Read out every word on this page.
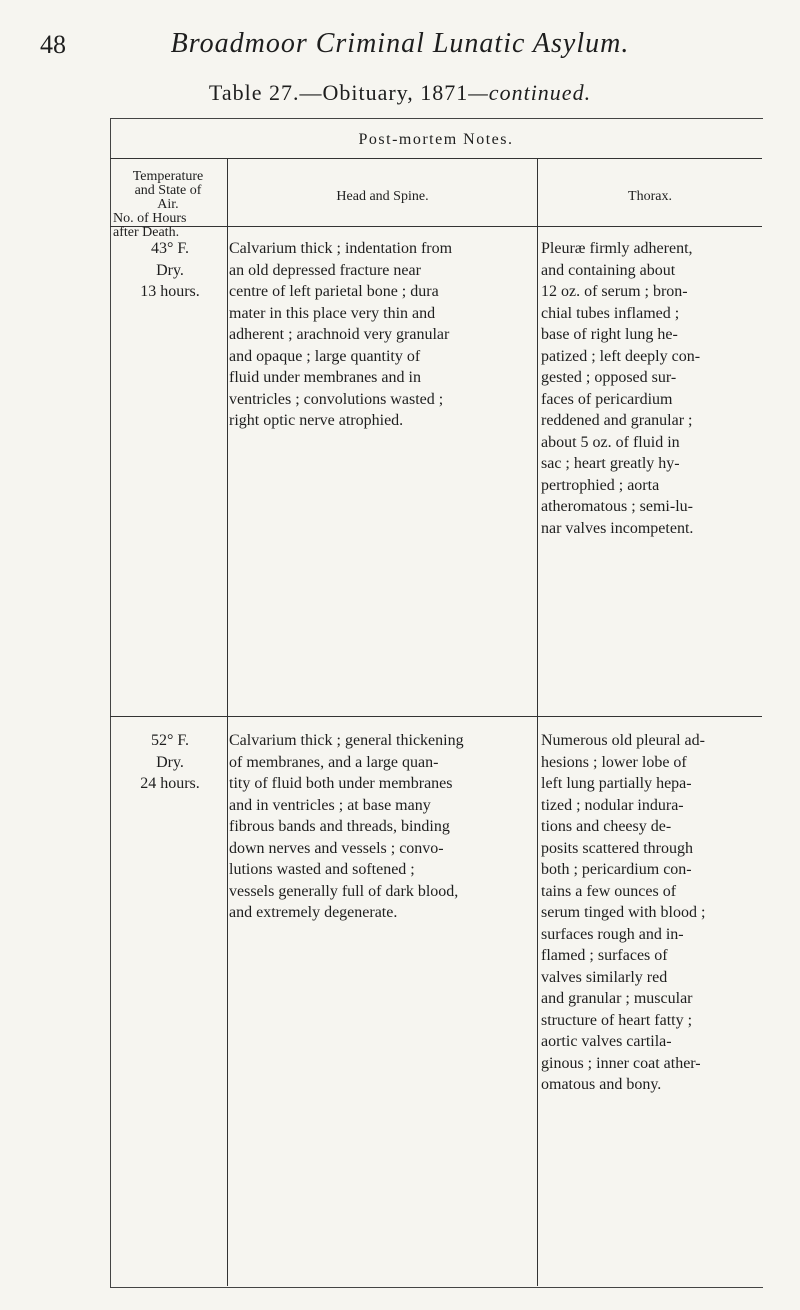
48	Broadmoor Criminal Lunatic Asylum.
Table 27.—Obituary, 1871—continued.
Post-mortem Notes.
Temperature
and State of
Air.
No. of Hours
after Death.
Head and Spine.	Thorax.
43° F.
Dry.
13 hours.
Calvarium thick ; indentation from
an old depressed fracture near
centre of left parietal bone ; dura
mater in this place very thin and
adherent ; arachnoid very granular
and opaque ; large quantity of
fluid under membranes and in
ventricles ; convolutions wasted ;
right optic nerve atrophied.
Pleuræ firmly adherent,
and containing about
12 oz. of serum ; bron-
chial tubes inflamed ;
base of right lung he-
patized ; left deeply con-
gested ; opposed sur-
faces of pericardium
reddened and granular ;
about 5 oz. of fluid in
sac ; heart greatly hy-
pertrophied ; aorta
atheromatous ; semi-lu-
nar valves incompetent.
52° F.
Dry.
24 hours.
Calvarium thick ; general thickening
of membranes, and a large quan-
tity of fluid both under membranes
and in ventricles ; at base many
fibrous bands and threads, binding
down nerves and vessels ; convo-
lutions wasted and softened ;
vessels generally full of dark blood,
and extremely degenerate.
Numerous old pleural ad-
hesions ; lower lobe of
left lung partially hepa-
tized ; nodular indura-
tions and cheesy de-
posits scattered through
both ; pericardium con-
tains a few ounces of
serum tinged with blood ;
surfaces rough and in-
flamed ; surfaces of
valves similarly red
and granular ; muscular
structure of heart fatty ;
aortic valves cartila-
ginous ; inner coat ather-
omatous and bony.
